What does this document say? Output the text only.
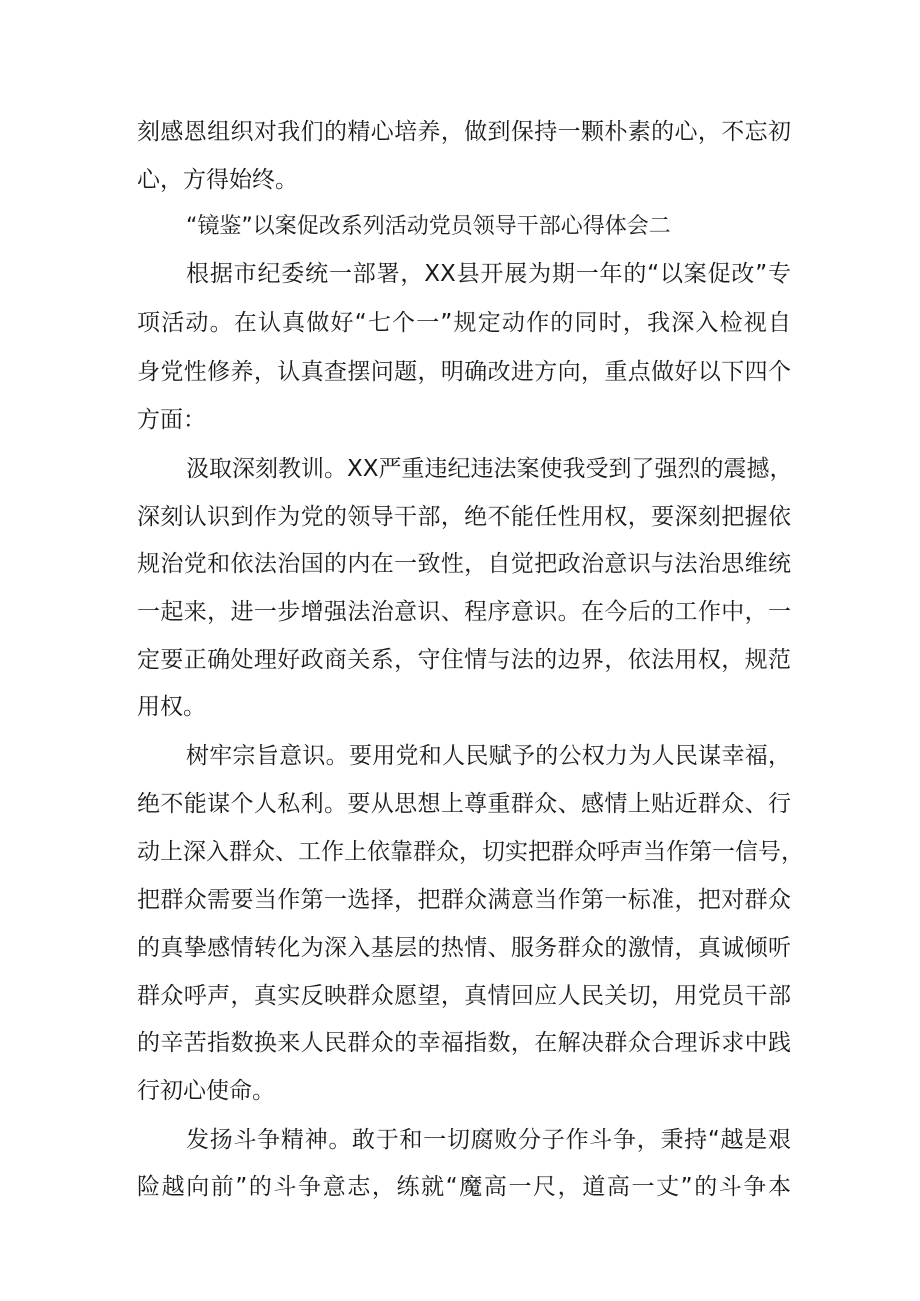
刻感恩组织对我们的精心培养，做到保持一颗朴素的心，不忘初
心，方得始终。
“镜鉴”以案促改系列活动党员领导干部心得体会二
根据市纪委统一部署，XX县开展为期一年的“以案促改”专
项活动。在认真做好“七个一”规定动作的同时，我深入检视自
身党性修养，认真查摆问题，明确改进方向，重点做好以下四个
方面：
汲取深刻教训。XX严重违纪违法案使我受到了强烈的震撼，
深刻认识到作为党的领导干部，绝不能任性用权，要深刻把握依
规治党和依法治国的内在一致性，自觉把政治意识与法治思维统
一起来，进一步增强法治意识、程序意识。在今后的工作中，一
定要正确处理好政商关系，守住情与法的边界，依法用权，规范
用权。
树牢宗旨意识。要用党和人民赋予的公权力为人民谋幸福，
绝不能谋个人私利。要从思想上尊重群众、感情上贴近群众、行
动上深入群众、工作上依靠群众，切实把群众呼声当作第一信号，
把群众需要当作第一选择，把群众满意当作第一标准，把对群众
的真挚感情转化为深入基层的热情、服务群众的激情，真诚倾听
群众呼声，真实反映群众愿望，真情回应人民关切，用党员干部
的辛苦指数换来人民群众的幸福指数，在解决群众合理诉求中践
行初心使命。
发扬斗争精神。敢于和一切腐败分子作斗争，秉持“越是艰
险越向前”的斗争意志，练就“魔高一尺，道高一丈”的斗争本
